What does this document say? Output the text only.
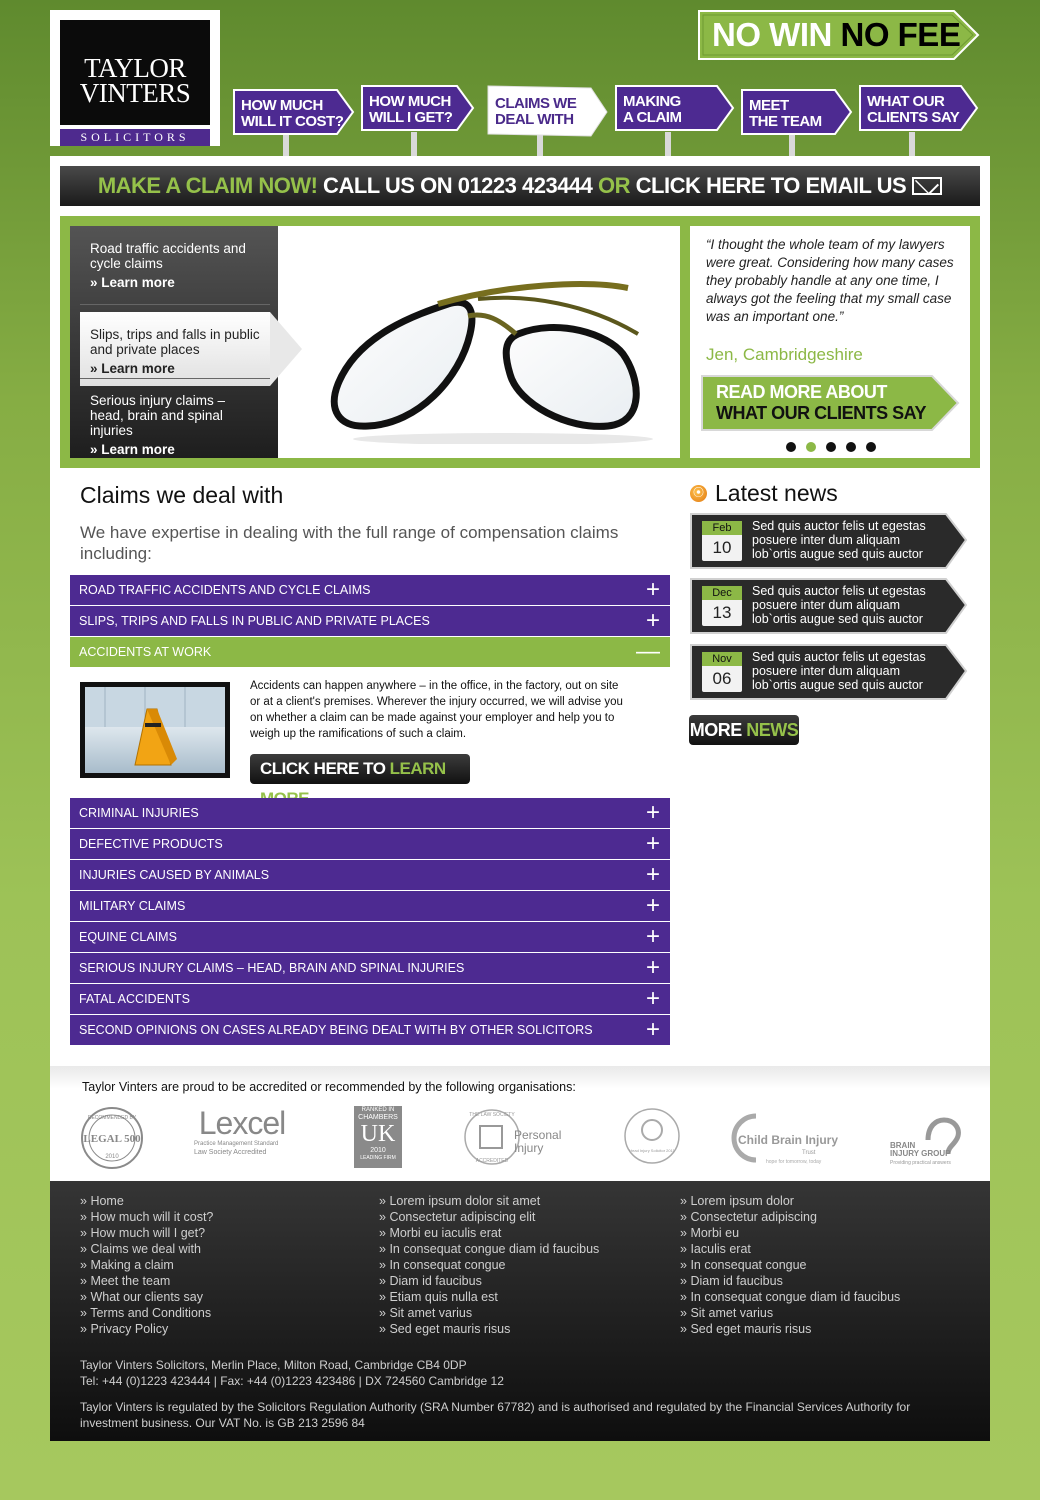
TAYLOR
VINTERS
SOLICITORS
NO WIN NO FEE
HOW MUCH
WILL IT COST?
HOW MUCH
WILL I GET?
CLAIMS WE
DEAL WITH
MAKING
A CLAIM
MEET
THE TEAM
WHAT OUR
CLIENTS SAY
MAKE A CLAIM NOW! CALL US ON 01223 423444 OR CLICK HERE TO EMAIL US
Road traffic accidents and cycle claims
» Learn more
Slips, trips and falls in public and private places
» Learn more
Serious injury claims – head, brain and spinal injuries
» Learn more
“I thought the whole team of my lawyers were great. Considering how many cases they probably handle at any one time, I always got the feeling that my small case was an important one.”
Jen, Cambridgeshire
READ MORE ABOUT
WHAT OUR CLIENTS SAY
Claims we deal with
We have expertise in dealing with the full range of compensation claims including:
ROAD TRAFFIC ACCIDENTS AND CYCLE CLAIMS	+
SLIPS, TRIPS AND FALLS IN PUBLIC AND PRIVATE PLACES	+
ACCIDENTS AT WORK	—
Accidents can happen anywhere – in the office, in the factory, out on site or at a client's premises. Wherever the injury occurred, we will advise you on whether a claim can be made against your employer and help you to weigh up the ramifications of such a claim.
CLICK HERE TO LEARN
CRIMINAL INJURIES	+
DEFECTIVE PRODUCTS	+
INJURIES CAUSED BY ANIMALS	+
MILITARY CLAIMS	+
EQUINE CLAIMS	+
SERIOUS INJURY CLAIMS – HEAD, BRAIN AND SPINAL INJURIES	+
FATAL ACCIDENTS	+
SECOND OPINIONS ON CASES ALREADY BEING DEALT WITH BY OTHER SOLICITORS +
⦿
Latest news
Feb
10
Sed quis auctor felis ut egestas posuere inter dum aliquam lob`ortis augue sed quis auctor
Dec
13
Sed quis auctor felis ut egestas posuere inter dum aliquam lob`ortis augue sed quis auctor
Nov
06
Sed quis auctor felis ut egestas posuere inter dum aliquam lob`ortis augue sed quis auctor
MORE NEWS
Taylor Vinters are proud to be accredited or recommended by the following organisations:
RECOMMENDED BY
LEGAL 500
2010
Lexcel
Practice Management Standard
Law Society Accredited
RANKED IN
CHAMBERS
UK
2010
LEADING FIRM
THE LAW SOCIETY
ACCREDITED
Personal
Injury	Head Injury Solicitor 2011
Child Brain Injury
Trust
hope for tomorrow, today
BRAIN
INJURY GROUP
Providing practical answers
» Home
» How much will it cost?
» How much will I get?
» Claims we deal with
» Making a claim
» Meet the team
» What our clients say
» Terms and Conditions
» Privacy Policy
» Lorem ipsum dolor sit amet
» Consectetur adipiscing elit
» Morbi eu iaculis erat
» In consequat congue diam id faucibus
» In consequat congue
» Diam id faucibus
» Etiam quis nulla est
» Sit amet varius
» Sed eget mauris risus
» Lorem ipsum dolor
» Consectetur adipiscing
» Morbi eu
» Iaculis erat
» In consequat congue
» Diam id faucibus
» In consequat congue diam id faucibus
» Sit amet varius
» Sed eget mauris risus
Taylor Vinters Solicitors, Merlin Place, Milton Road, Cambridge CB4 0DP
Tel: +44 (0)1223 423444 | Fax: +44 (0)1223 423486 | DX 724560 Cambridge 12
Taylor Vinters is regulated by the Solicitors Regulation Authority (SRA Number 67782) and is authorised and regulated by the Financial Services Authority for investment business. Our VAT No. is GB 213 2596 84
